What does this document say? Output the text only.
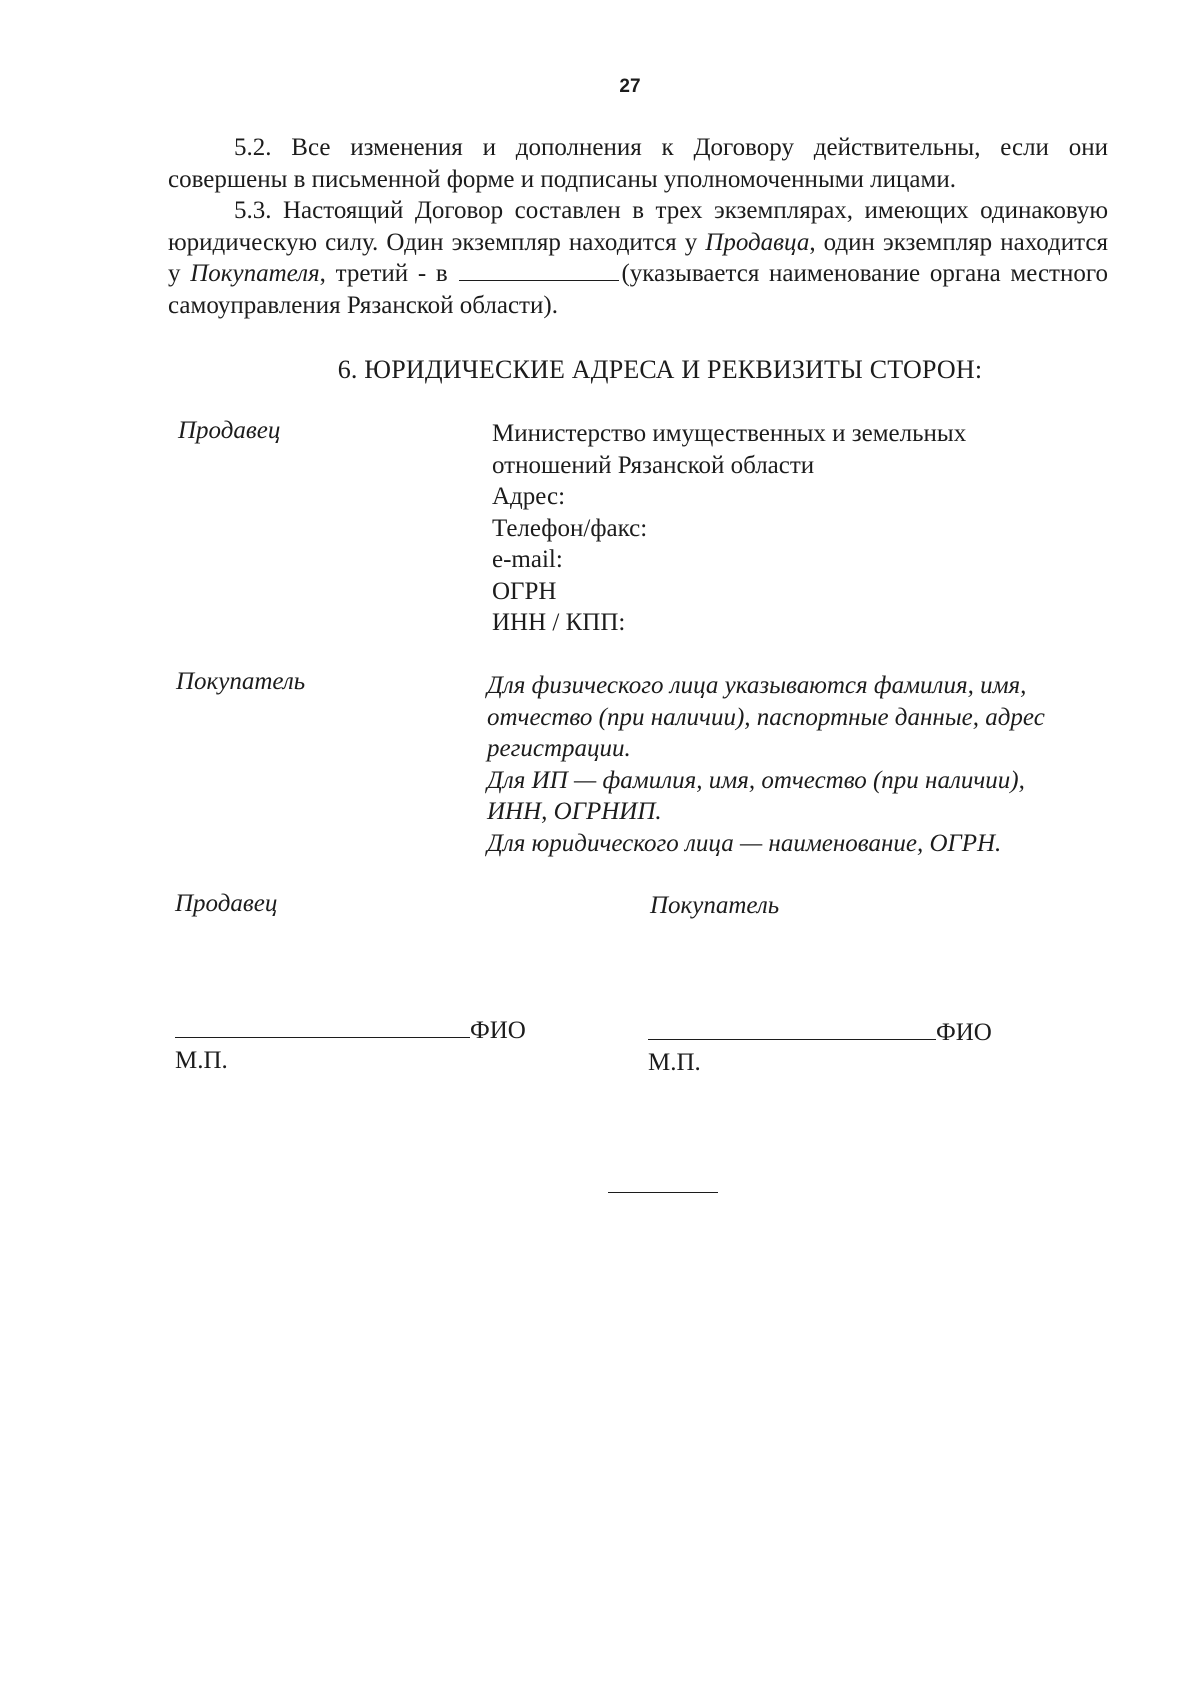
27

5.2. Все изменения и дополнения к Договору действительны, если они совершены в письменной форме и подписаны уполномоченными лицами.

5.3. Настоящий Договор составлен в трех экземплярах, имеющих одинаковую юридическую силу. Один экземпляр находится у Продавца, один экземпляр находится у Покупателя, третий - в	(указывается наименование органа местного самоуправления Рязанской области).

6. ЮРИДИЧЕСКИЕ АДРЕСА И РЕКВИЗИТЫ СТОРОН:
Продавец	Министерство имущественных и земельных
отношений Рязанской области
Адрес:
Телефон/факс:
e-mail:
ОГРН
ИНН / КПП:
Покупатель	Для физического лица указываются фамилия, имя,
отчество (при наличии), паспортные данные, адрес
регистрации.
Для ИП — фамилия, имя, отчество (при наличии),
ИНН, ОГРНИП.
Для юридического лица — наименование, ОГРН.
Продавец	Покупатель
ФИО
М.П.
ФИО
М.П.
